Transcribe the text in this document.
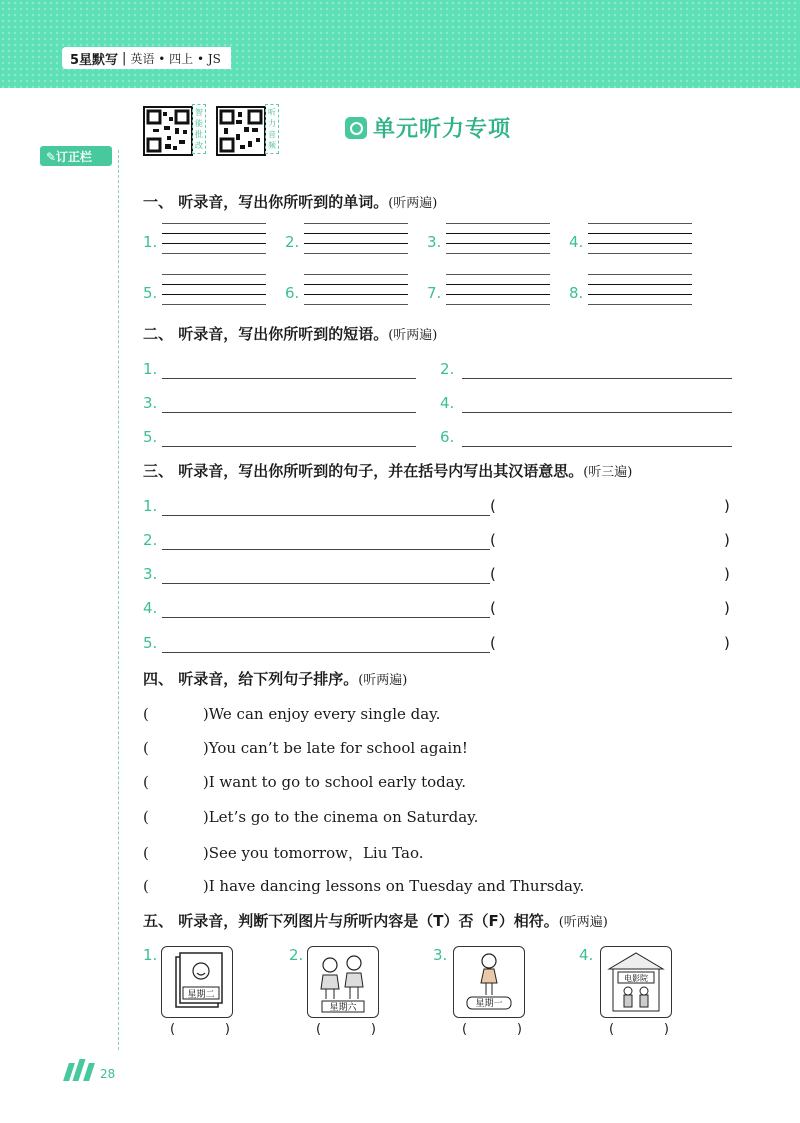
5星默写 | 英语 • 四上 • JS
智能批改
听力音频
单元听力专项
✎订正栏
一、 听录音，写出你所听到的单词。(听两遍)
1.	2.	3.	4.
5.	6.	7.	8.
二、 听录音，写出你所听到的短语。(听两遍)
1.	2.
3.	4.
5.	6.
三、 听录音，写出你所听到的句子，并在括号内写出其汉语意思。(听三遍)
1.	(	)
2.	(	)
3.	(	)
4.	(	)
5.	(	)
四、 听录音，给下列句子排序。(听两遍)
(	)We can enjoy every single day.
(	)You can’t be late for school again!
(	)I want to go to school early today.
(	)Let’s go to the cinema on Saturday.
(	)See you tomorrow，Liu Tao.
(	)I have dancing lessons on Tuesday and Thursday.
五、 听录音，判断下列图片与所听内容是（T）否（F）相符。(听两遍)
1.
星期二
(	)
2.
星期六
(	)
3.
星期一
(	)
4.
电影院
(	)
28
